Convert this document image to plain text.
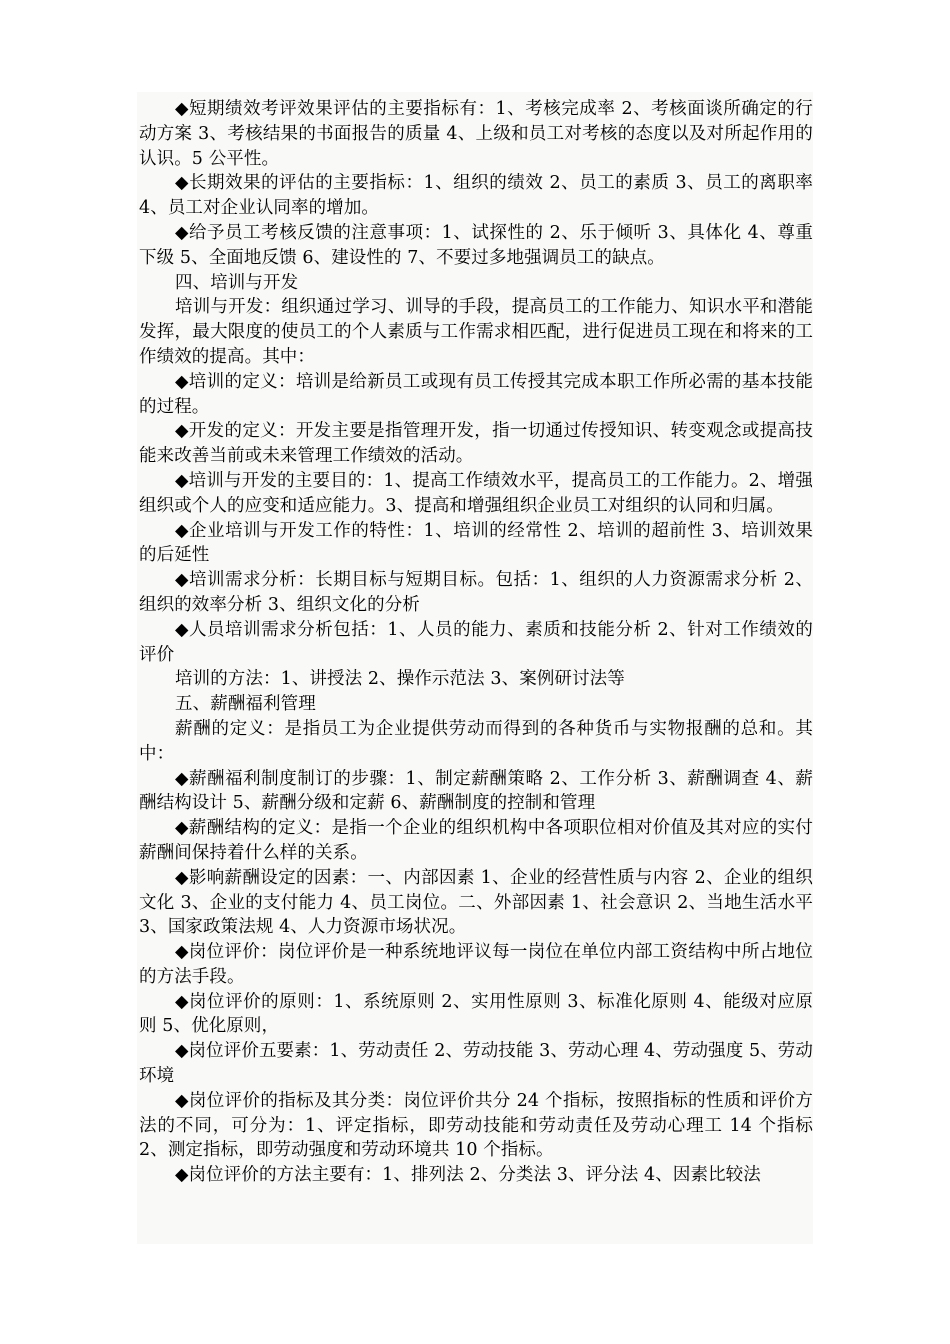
◆短期绩效考评效果评估的主要指标有：1、考核完成率 2、考核面谈所确定的行动方案 3、考核结果的书面报告的质量 4、上级和员工对考核的态度以及对所起作用的认识。5 公平性。

◆长期效果的评估的主要指标：1、组织的绩效 2、员工的素质 3、员工的离职率 4、员工对企业认同率的增加。

◆给予员工考核反馈的注意事项：1、试探性的 2、乐于倾听 3、具体化 4、尊重下级 5、全面地反馈 6、建设性的 7、不要过多地强调员工的缺点。

四、培训与开发

培训与开发：组织通过学习、训导的手段，提高员工的工作能力、知识水平和潜能发挥，最大限度的使员工的个人素质与工作需求相匹配，进行促进员工现在和将来的工作绩效的提高。其中：

◆培训的定义：培训是给新员工或现有员工传授其完成本职工作所必需的基本技能的过程。

◆开发的定义：开发主要是指管理开发，指一切通过传授知识、转变观念或提高技能来改善当前或未来管理工作绩效的活动。

◆培训与开发的主要目的：1、提高工作绩效水平，提高员工的工作能力。2、增强组织或个人的应变和适应能力。3、提高和增强组织企业员工对组织的认同和归属。

◆企业培训与开发工作的特性：1、培训的经常性 2、培训的超前性 3、培训效果的后延性

◆培训需求分析：长期目标与短期目标。包括：1、组织的人力资源需求分析 2、组织的效率分析 3、组织文化的分析

◆人员培训需求分析包括：1、人员的能力、素质和技能分析 2、针对工作绩效的评价

培训的方法：1、讲授法 2、操作示范法 3、案例研讨法等

五、薪酬福利管理

薪酬的定义：是指员工为企业提供劳动而得到的各种货币与实物报酬的总和。其中：

◆薪酬福利制度制订的步骤：1、制定薪酬策略 2、工作分析 3、薪酬调查 4、薪酬结构设计 5、薪酬分级和定薪 6、薪酬制度的控制和管理

◆薪酬结构的定义：是指一个企业的组织机构中各项职位相对价值及其对应的实付薪酬间保持着什么样的关系。

◆影响薪酬设定的因素：一、内部因素 1、企业的经营性质与内容 2、企业的组织文化 3、企业的支付能力 4、员工岗位。二、外部因素 1、社会意识 2、当地生活水平 3、国家政策法规 4、人力资源市场状况。

◆岗位评价：岗位评价是一种系统地评议每一岗位在单位内部工资结构中所占地位的方法手段。

◆岗位评价的原则：1、系统原则 2、实用性原则 3、标准化原则 4、能级对应原则 5、优化原则，

◆岗位评价五要素：1、劳动责任 2、劳动技能 3、劳动心理 4、劳动强度 5、劳动环境

◆岗位评价的指标及其分类：岗位评价共分 24 个指标，按照指标的性质和评价方法的不同，可分为：1、评定指标，即劳动技能和劳动责任及劳动心理工 14 个指标 2、测定指标，即劳动强度和劳动环境共 10 个指标。

◆岗位评价的方法主要有：1、排列法 2、分类法 3、评分法 4、因素比较法
